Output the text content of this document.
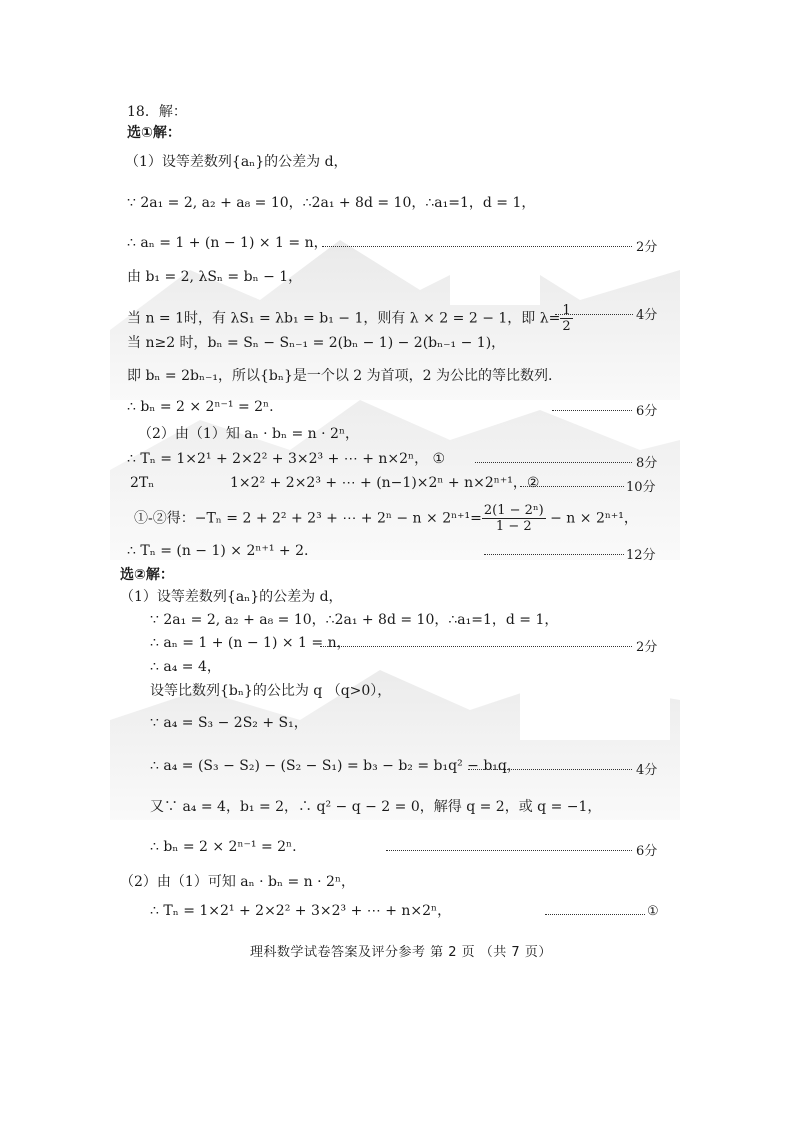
18．解：
选①解：
（1）设等差数列{aₙ}的公差为 d，
∵ 2a₁ = 2, a₂ + a₈ = 10，∴2a₁ + 8d = 10，∴a₁=1，d = 1，
∴ aₙ = 1 + (n − 1) × 1 = n，	2分
由 b₁ = 2, λSₙ = bₙ − 1，
当 n = 1时，有 λS₁ = λb₁ = b₁ − 1，则有 λ × 2 = 2 − 1，即 $\lambda= \frac{1}{2}$	4分
当 n≥2 时，bₙ = Sₙ − Sₙ₋₁ = 2(bₙ − 1) − 2(bₙ₋₁ − 1)，
即 bₙ = 2bₙ₋₁，所以{bₙ}是一个以 2 为首项，2 为公比的等比数列.
∴ bₙ = 2 × 2ⁿ⁻¹ = 2ⁿ.	6分
（2）由（1）知 aₙ · bₙ = n · 2ⁿ，
∴ Tₙ = 1×2¹ + 2×2² + 3×2³ + ⋯ + n×2ⁿ， ①	8分
2Tₙ	1×2² + 2×2³ + ⋯ + (n−1)×2ⁿ + n×2ⁿ⁺¹，②	10分
①-②得：−Tₙ = 2 + 2² + 2³ + ⋯ + $2^n - n \times 2^{n+1}= \frac{\text{2(1 − 2ⁿ)}}{1 - 2} - n \times 2^{n+1}$，
∴ Tₙ = (n − 1) × 2ⁿ⁺¹ + 2.	12分
选②解：
（1）设等差数列{aₙ}的公差为 d，
∵ 2a₁ = 2, a₂ + a₈ = 10，∴2a₁ + 8d = 10，∴a₁=1，d = 1，
∴ aₙ = 1 + (n − 1) × 1 = n，	2分
∴ a₄ = 4，
设等比数列{bₙ}的公比为 q （q>0），
∵ a₄ = S₃ − 2S₂ + S₁，
∴ a₄ = (S₃ − S₂) − (S₂ − S₁) = b₃ − b₂ = b₁q² − b₁q，	4分
又∵ a₄ = 4，b₁ = 2，∴ q² − q − 2 = 0，解得 q = 2，或 q = −1，
∴ bₙ = 2 × 2ⁿ⁻¹ = 2ⁿ.	6分
（2）由（1）可知 aₙ · bₙ = n · 2ⁿ，
∴ Tₙ = 1×2¹ + 2×2² + 3×2³ + ⋯ + n×2ⁿ，	①
理科数学试卷答案及评分参考 第 2 页 （共 7 页）
